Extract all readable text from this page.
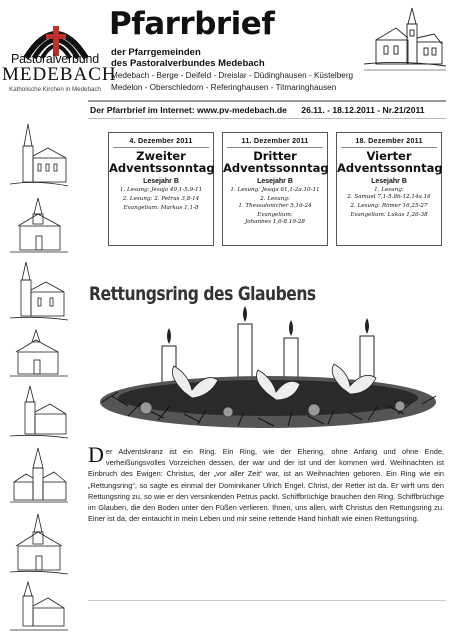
Pastoralverbund
MEDEBACH
Katholische Kirchen in Medebach
Pfarrbrief
der Pfarrgemeinden
des Pastoralverbundes Medebach
Medebach - Berge - Deifeld - Dreislar - Düdinghausen - Küstelberg
Medelon - Oberschledorn - Referinghausen - Titmaringhausen
Der Pfarrbrief im Internet: www.pv-medebach.de 26.11. - 18.12.2011 - Nr.21/2011
4. Dezember 2011
Zweiter Adventssonntag
Lesejahr B
1. Lesung: Jesaja 40,1-5.9-11
2. Lesung: 2. Petrus 3,8-14
Evangelium: Markus 1,1-8
11. Dezember 2011
Dritter Adventssonntag
Lesejahr B
1. Lesung: Jesaja 61,1-2a.10-11
2. Lesung:
1. Thessalonicher 5,16-24
Evangelium:
Johannes 1,6-8.19-28
18. Dezember 2011
Vierter Adventssonntag
Lesejahr B
1. Lesung:
2. Samuel 7,1-5.8b-12.14a.16
2. Lesung: Römer 16,25-27
Evangelium: Lukas 1,26-38
Rettungsring des Glaubens
Der Adventskranz ist ein Ring. Ein Ring, wie der Ehering, ohne Anfang und ohne Ende, verheißungsvolles Vorzeichen dessen, der war und der ist und der kommen wird. Weihnachten ist Einbruch des Ewigen: Christus, der „vor aller Zeit“ war, ist an Weihnachten geboren. Ein Ring wie ein „Rettungsring“, so sagte es einmal der Dominikaner Ulrich Engel. Christ, der Retter ist da. Er wirft uns den Rettungsring zu, so wie er den versinkenden Petrus packt. Schiffbrüchige brauchen den Ring. Schiffbrüchige im Glauben, die den Boden unter den Füßen verlieren. Ihnen, uns allen, wirft Christus den Rettungsring zu. Einer ist da, der eintaucht in mein Leben und mir seine rettende Hand hinhält wie einen Rettungsring.
